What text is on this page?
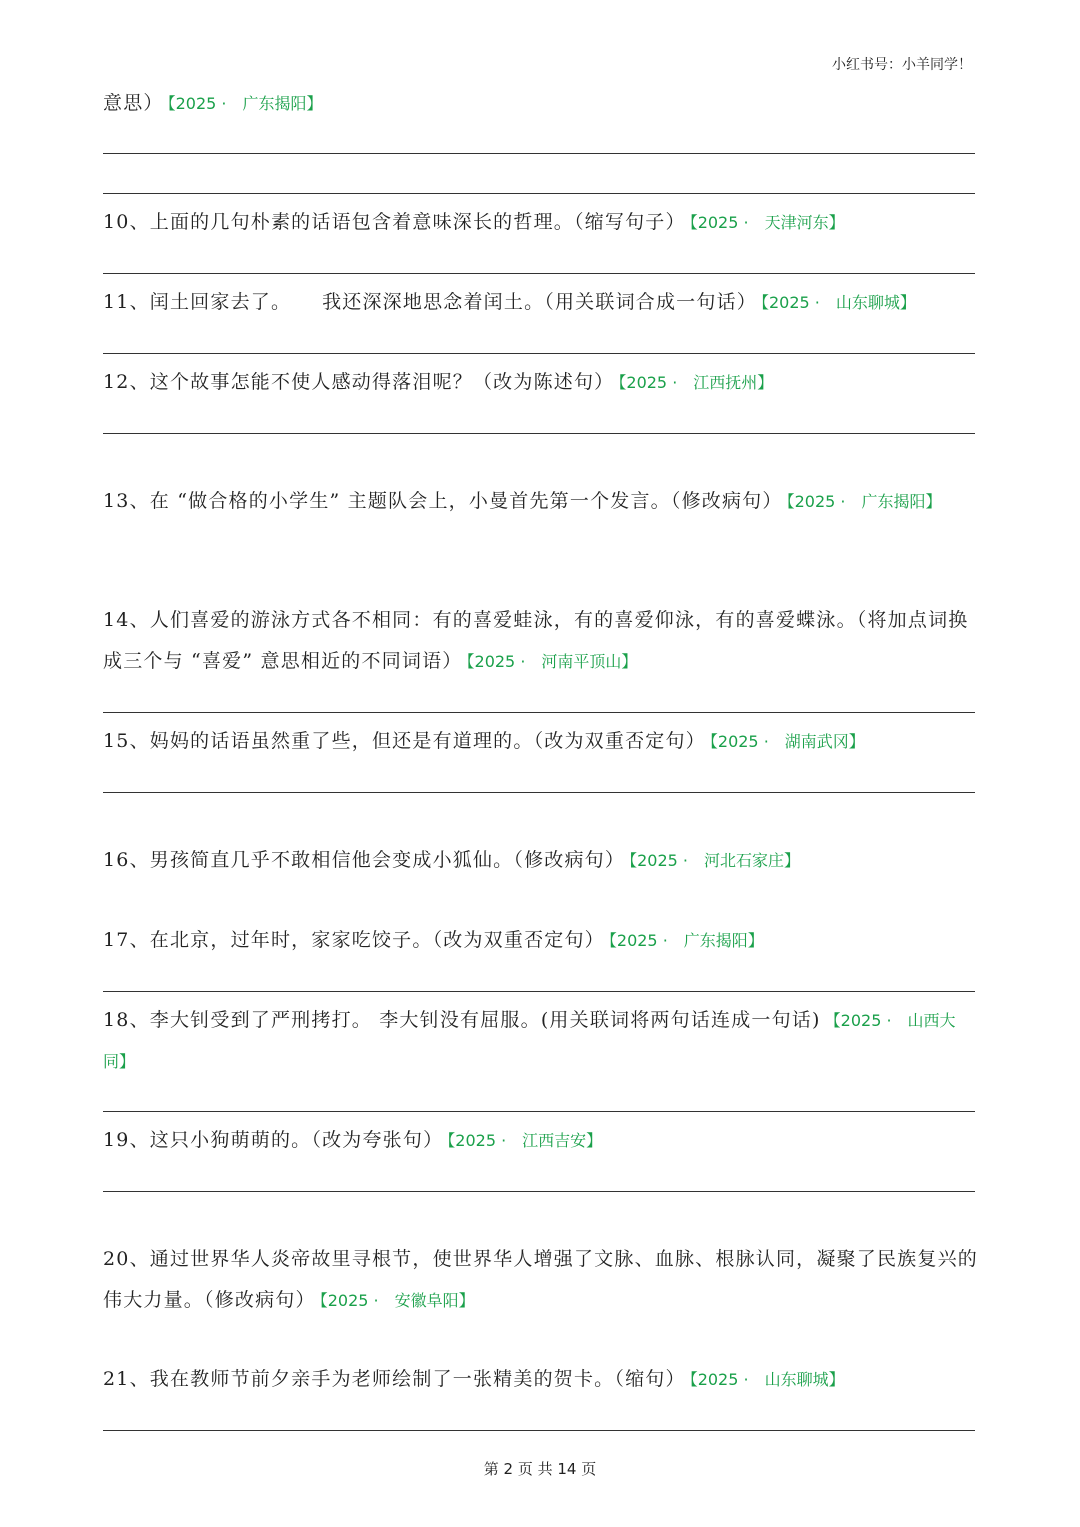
小红书号：小羊同学！
意思） 【2025 ·　广东揭阳】
10、上面的几句朴素的话语包含着意味深长的哲理。（缩写句子） 【2025 ·　天津河东】
11、闰土回家去了。　　我还深深地思念着闰土。（用关联词合成一句话） 【2025 ·　山东聊城】
12、这个故事怎能不使人感动得落泪呢？（改为陈述句） 【2025 ·　江西抚州】
13、在 “做合格的小学生” 主题队会上，小曼首先第一个发言。（修改病句） 【2025 ·　广东揭阳】
14、人们喜爱的游泳方式各不相同：有的喜爱蛙泳，有的喜爱仰泳，有的喜爱蝶泳。（将加点词换成三个与 “喜爱” 意思相近的不同词语） 【2025 ·　河南平顶山】
15、妈妈的话语虽然重了些，但还是有道理的。（改为双重否定句） 【2025 ·　湖南武冈】
16、男孩简直几乎不敢相信他会变成小狐仙。（修改病句） 【2025 ·　河北石家庄】
17、在北京，过年时，家家吃饺子。（改为双重否定句） 【2025 ·　广东揭阳】
18、李大钊受到了严刑拷打。 李大钊没有屈服。(用关联词将两句话连成一句话) 【2025 ·　山西大同】
19、这只小狗萌萌的。（改为夸张句） 【2025 ·　江西吉安】
20、通过世界华人炎帝故里寻根节，使世界华人增强了文脉、血脉、根脉认同，凝聚了民族复兴的伟大力量。（修改病句） 【2025 ·　安徽阜阳】
21、我在教师节前夕亲手为老师绘制了一张精美的贺卡。（缩句） 【2025 ·　山东聊城】
第 2 页 共 14 页
